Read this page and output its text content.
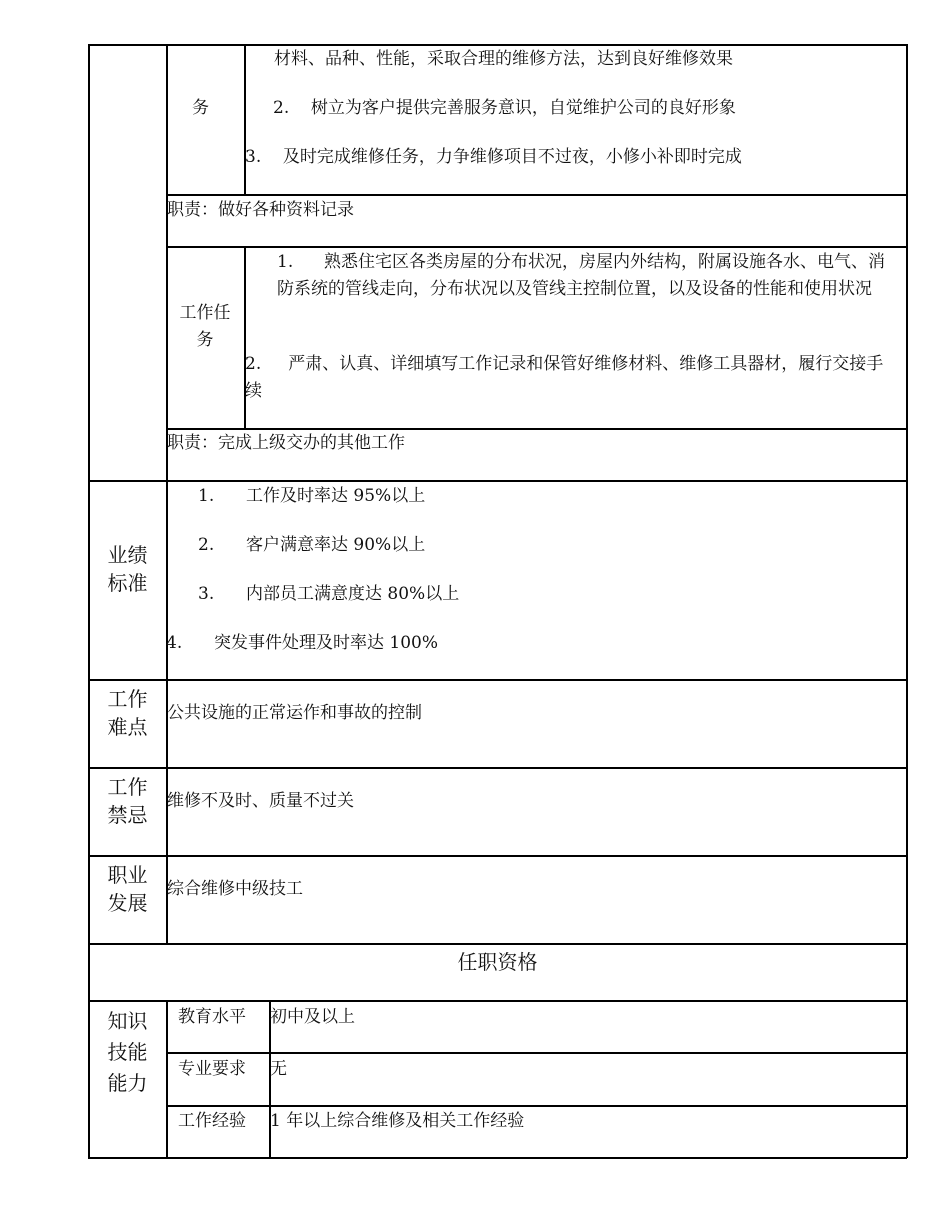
务
材料、品种、性能，采取合理的维修方法，达到良好维修效果
2.    树立为客户提供完善服务意识，自觉维护公司的良好形象
3.    及时完成维修任务，力争维修项目不过夜，小修小补即时完成
职责：做好各种资料记录
工作任
务
1.	熟悉住宅区各类房屋的分布状况，房屋内外结构，附属设施各水、电气、消防系统的管线走向，分布状况以及管线主控制位置，以及设备的性能和使用状况
2.     严肃、认真、详细填写工作记录和保管好维修材料、维修工具器材，履行交接手续
职责：完成上级交办的其他工作
业绩
标准
1. 工作及时率达 95%以上
2. 客户满意率达 90%以上
3. 内部员工满意度达 80%以上
4. 突发事件处理及时率达 100%
工作
难点
公共设施的正常运作和事故的控制
工作
禁忌
维修不及时、质量不过关
职业
发展
综合维修中级技工
任职资格
知识
技能
能力
教育水平 初中及以上
专业要求 无
工作经验 1 年以上综合维修及相关工作经验
